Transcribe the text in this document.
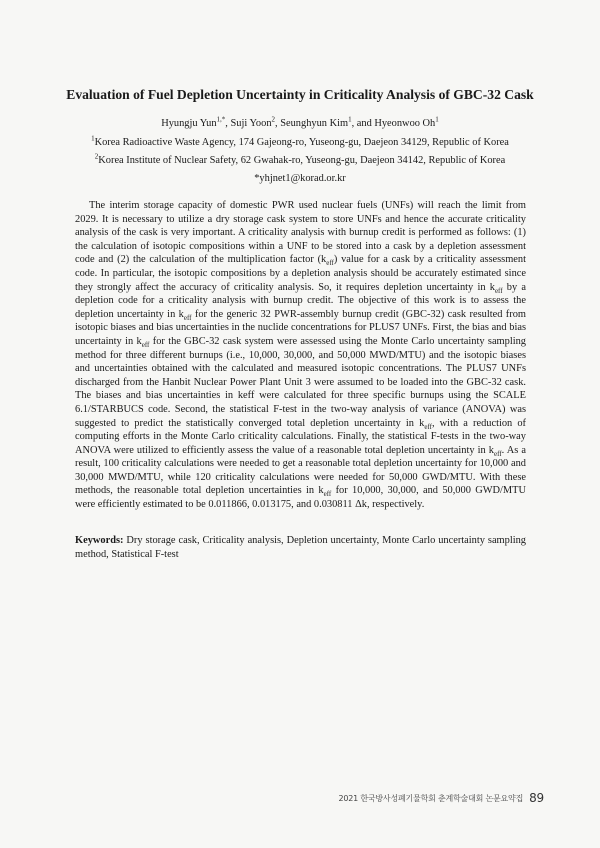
Evaluation of Fuel Depletion Uncertainty in Criticality Analysis of GBC-32 Cask
Hyungju Yun$^{1,*}$, Suji Yoon$^2$, Seunghyun Kim$^1$, and Hyeonwoo Oh$^1$
$^1$Korea Radioactive Waste Agency, 174 Gajeong-ro, Yuseong-gu, Daejeon 34129, Republic of Korea
$^2$Korea Institute of Nuclear Safety, 62 Gwahak-ro, Yuseong-gu, Daejeon 34142, Republic of Korea
*yhjnet1@korad.or.kr

The interim storage capacity of domestic PWR used nuclear fuels (UNFs) will reach the limit from 2029. It is necessary to utilize a dry storage cask system to store UNFs and hence the accurate criticality analysis of the cask is very important. A criticality analysis with burnup credit is performed as follows: (1) the calculation of isotopic compositions within a UNF to be stored into a cask by a depletion assessment code and (2) the calculation of the multiplication factor $(k_{eff})$ value for a cask by a criticality assessment code. In particular, the isotopic compositions by a depletion analysis should be accurately estimated since they strongly affect the accuracy of criticality analysis. So, it requires depletion uncertainty in $k_{eff}$ by a depletion code for a criticality analysis with burnup credit. The objective of this work is to assess the depletion uncertainty in $k_{eff}$ for the generic 32 PWR-assembly burnup credit (GBC-32) cask resulted from isotopic biases and bias uncertainties in the nuclide concentrations for PLUS7 UNFs. First, the bias and bias uncertainty in $k_{eff}$ for the GBC-32 cask system were assessed using the Monte Carlo uncertainty sampling method for three different burnups (i.e., 10,000, 30,000, and 50,000 MWD/MTU) and the isotopic biases and uncertainties obtained with the calculated and measured isotopic concentrations. The PLUS7 UNFs discharged from the Hanbit Nuclear Power Plant Unit 3 were assumed to be loaded into the GBC-32 cask. The biases and bias uncertainties in keff were calculated for three specific burnups using the SCALE 6.1/STARBUCS code. Second, the statistical F-test in the two-way analysis of variance (ANOVA) was suggested to predict the statistically converged total depletion uncertainty in $k_{eff}$, with a reduction of computing efforts in the Monte Carlo criticality calculations. Finally, the statistical F-tests in the two-way ANOVA were utilized to efficiently assess the value of a reasonable total depletion uncertainty in $k_{eff}$. As a result, 100 criticality calculations were needed to get a reasonable total depletion uncertainty for 10,000 and 30,000 MWD/MTU, while 120 criticality calculations were needed for 50,000 GWD/MTU. With these methods, the reasonable total depletion uncertainties in $k_{eff}$ for 10,000, 30,000, and 50,000 GWD/MTU were efficiently estimated to be 0.011866, 0.013175, and 0.030811 Δk, respectively.

Keywords: Dry storage cask, Criticality analysis, Depletion uncertainty, Monte Carlo uncertainty sampling method, Statistical F-test

2021 한국방사성폐기물학회 춘계학술대회 논문요약집 89
